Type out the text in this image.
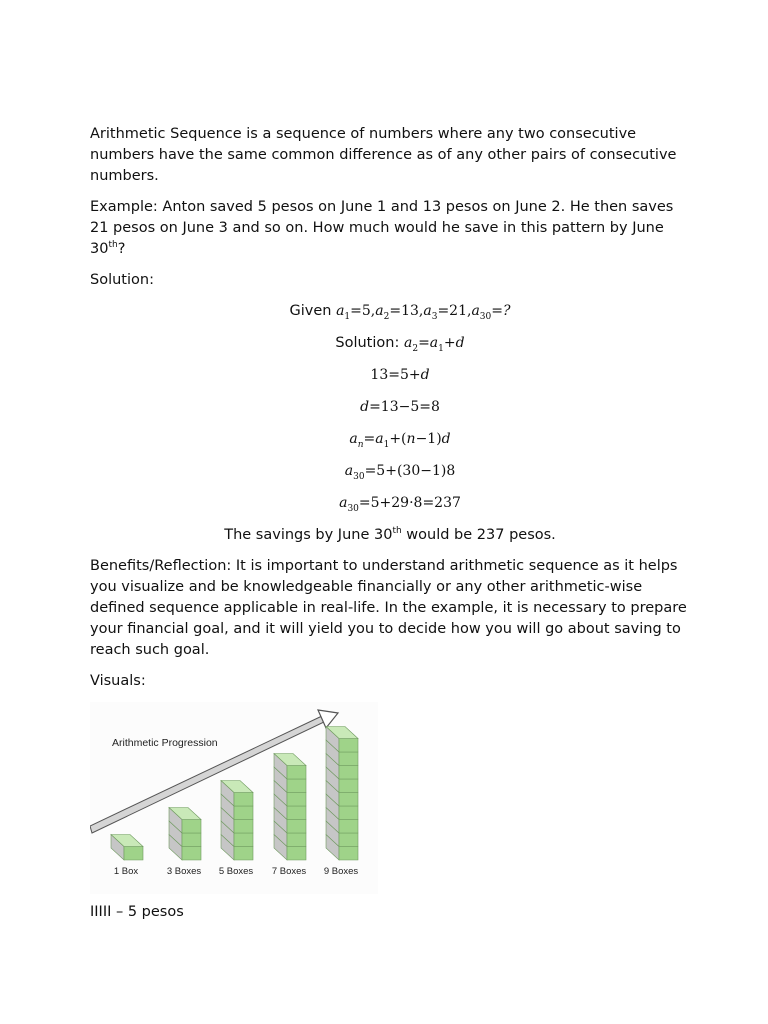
Arithmetic Sequence is a sequence of numbers where any two consecutive numbers have the same common difference as of any other pairs of consecutive numbers.

Example: Anton saved 5 pesos on June 1 and 13 pesos on June 2. He then saves 21 pesos on June 3 and so on. How much would he save in this pattern by June 30th?

Solution:

Given $a_1=5,a_2=13,a_3=21,a_{30}=$?
Solution: $a_2=a_1+d$
13=5+d
d=13−5=8
$a_n=a_1+(n-1)d$
$a_{30}=5+(30-1)8$
$a_{30}=5+29\cdot 8=237$

The savings by June 30th would be 237 pesos.

Benefits/Reflection: It is important to understand arithmetic sequence as it helps you visualize and be knowledgeable financially or any other arithmetic-wise defined sequence applicable in real-life. In the example, it is necessary to prepare your financial goal, and it will yield you to decide how you will go about saving to reach such goal.

Visuals:

Arithmetic Progression
1 Box	3 Boxes 5 Boxes 7 Boxes 9 Boxes

IIIII – 5 pesos
